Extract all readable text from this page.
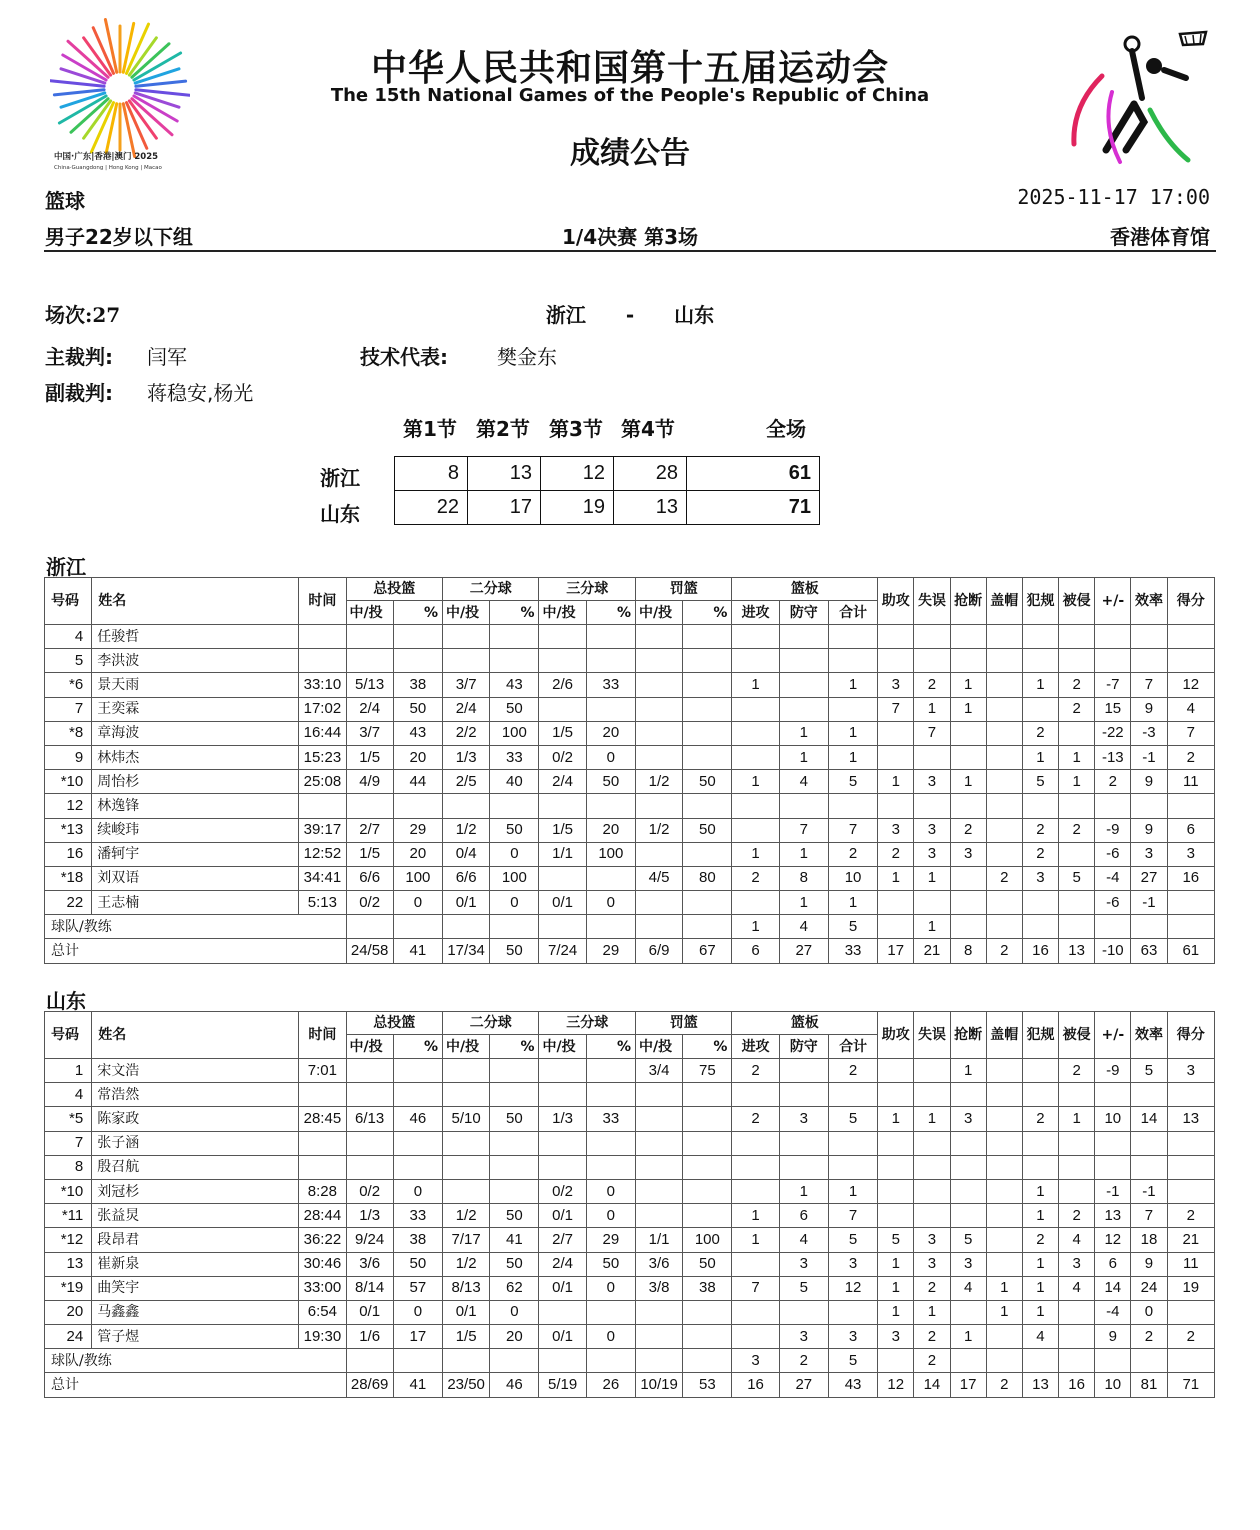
中国·广东|香港|澳门 2025
China·Guangdong | Hong Kong | Macao
中华人民共和国第十五届运动会
The 15th National Games of the People's Republic of China
成绩公告
篮球	2025-11-17 17:00
男子22岁以下组	1/4决赛 第3场	香港体育馆
场次:27	浙江 - 山东
主裁判: 闫军	技术代表: 樊金东
副裁判: 蒋稳安,杨光
第1节 第2节 第3节 第4节	全场
浙江
山东
8	13	12	28	61
22	17	19	13	71
浙江
号码	姓名	时间	总投篮		二分球		三分球		罚篮		篮板			助攻	失误	抢断	盖帽	犯规	被侵	+/-	效率	得分
			中/投	%	中/投	%	中/投	%	中/投	%	进攻	防守	合计									
4	任骏哲																					
5	李洪波																					
*6	景天雨	33:10	5/13	38	3/7	43	2/6	33			1		1	3	2	1		1	2	-7	7	12
7	王奕霖	17:02	2/4	50	2/4	50								7	1	1			2	15	9	4
*8	章海波	16:44	3/7	43	2/2	100	1/5	20				1	1		7			2		-22	-3	7
9	林炜杰	15:23	1/5	20	1/3	33	0/2	0				1	1					1	1	-13	-1	2
*10	周怡杉	25:08	4/9	44	2/5	40	2/4	50	1/2	50	1	4	5	1	3	1		5	1	2	9	11
12	林逸锋																					
*13	续峻玮	39:17	2/7	29	1/2	50	1/5	20	1/2	50		7	7	3	3	2		2	2	-9	9	6
16	潘轲宇	12:52	1/5	20	0/4	0	1/1	100			1	1	2	2	3	3		2		-6	3	3
*18	刘双语	34:41	6/6	100	6/6	100			4/5	80	2	8	10	1	1		2	3	5	-4	27	16
22	王志楠	5:13	0/2	0	0/1	0	0/1	0				1	1							-6	-1	
球队/教练											1	4	5		1							
总计			24/58	41	17/34	50	7/24	29	6/9	67	6	27	33	17	21	8	2	16	13	-10	63	61
山东
号码	姓名	时间	总投篮		二分球		三分球		罚篮		篮板			助攻	失误	抢断	盖帽	犯规	被侵	+/-	效率	得分
			中/投	%	中/投	%	中/投	%	中/投	%	进攻	防守	合计									
1	宋文浩	7:01							3/4	75	2		2			1			2	-9	5	3
4	常浩然																					
*5	陈家政	28:45	6/13	46	5/10	50	1/3	33			2	3	5	1	1	3		2	1	10	14	13
7	张子涵																					
8	殷召航																					
*10	刘冠杉	8:28	0/2	0			0/2	0				1	1					1		-1	-1	
*11	张益炅	28:44	1/3	33	1/2	50	0/1	0			1	6	7					1	2	13	7	2
*12	段昂君	36:22	9/24	38	7/17	41	2/7	29	1/1	100	1	4	5	5	3	5		2	4	12	18	21
13	崔新泉	30:46	3/6	50	1/2	50	2/4	50	3/6	50		3	3	1	3	3		1	3	6	9	11
*19	曲笑宇	33:00	8/14	57	8/13	62	0/1	0	3/8	38	7	5	12	1	2	4	1	1	4	14	24	19
20	马鑫鑫	6:54	0/1	0	0/1	0								1	1		1	1		-4	0	
24	管子煜	19:30	1/6	17	1/5	20	0/1	0				3	3	3	2	1		4		9	2	2
球队/教练											3	2	5		2							
总计			28/69	41	23/50	46	5/19	26	10/19	53	16	27	43	12	14	17	2	13	16	10	81	71
